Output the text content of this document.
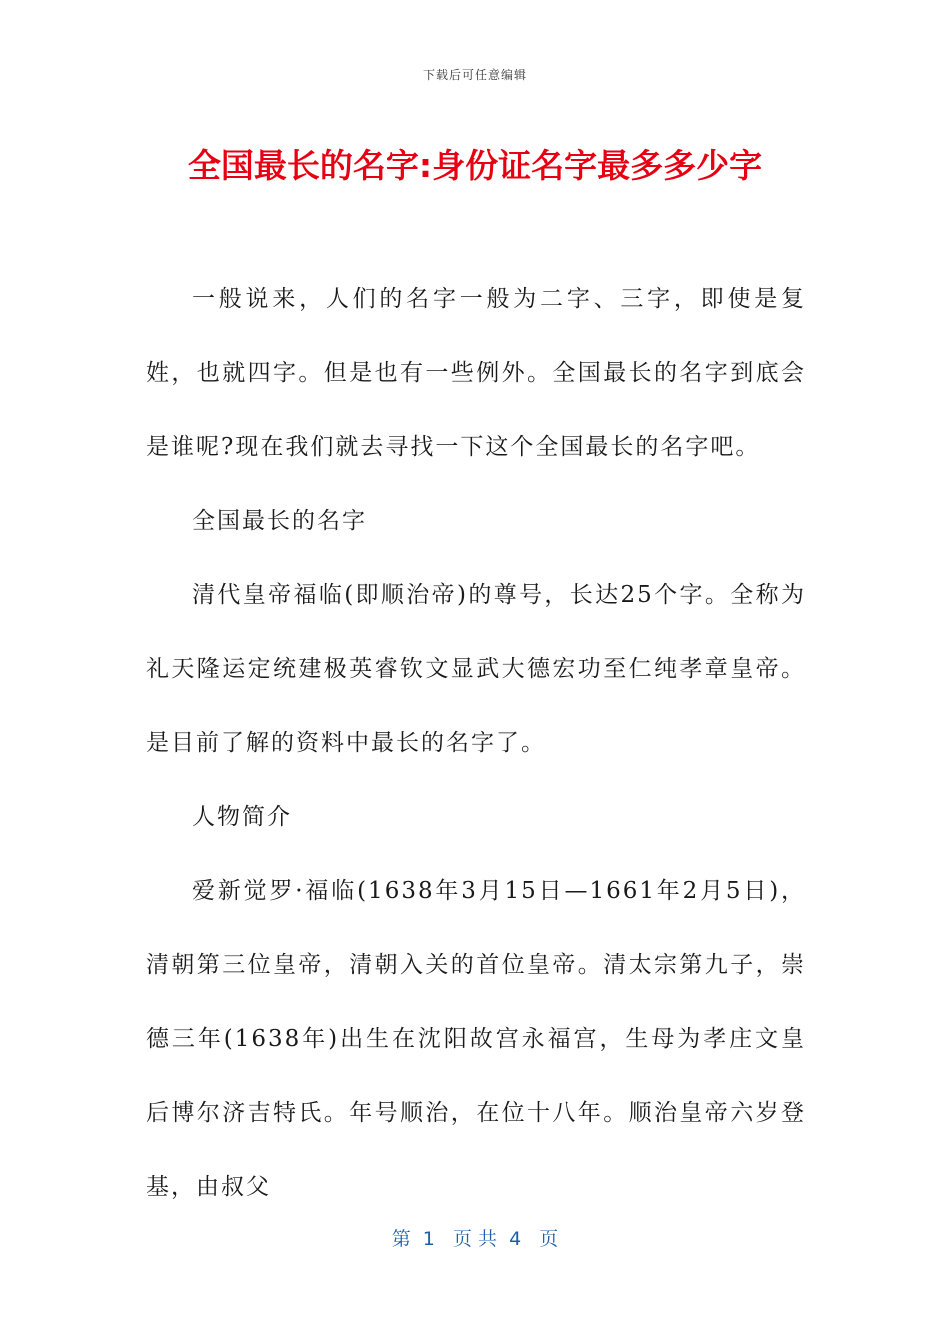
下载后可任意编辑
全国最长的名字:身份证名字最多多少字

一般说来，人们的名字一般为二字、三字，即使是复姓，也就四字。但是也有一些例外。全国最长的名字到底会是谁呢?现在我们就去寻找一下这个全国最长的名字吧。

全国最长的名字

清代皇帝福临(即顺治帝)的尊号，长达25个字。全称为礼天隆运定统建极英睿钦文显武大德宏功至仁纯孝章皇帝。是目前了解的资料中最长的名字了。

人物简介

爱新觉罗·福临(1638年3月15日—1661年2月5日)，清朝第三位皇帝，清朝入关的首位皇帝。清太宗第九子，崇德三年(1638年)出生在沈阳故宫永福宫，生母为孝庄文皇后博尔济吉特氏。年号顺治，在位十八年。顺治皇帝六岁登基，由叔父

第  1   页 共  4   页
